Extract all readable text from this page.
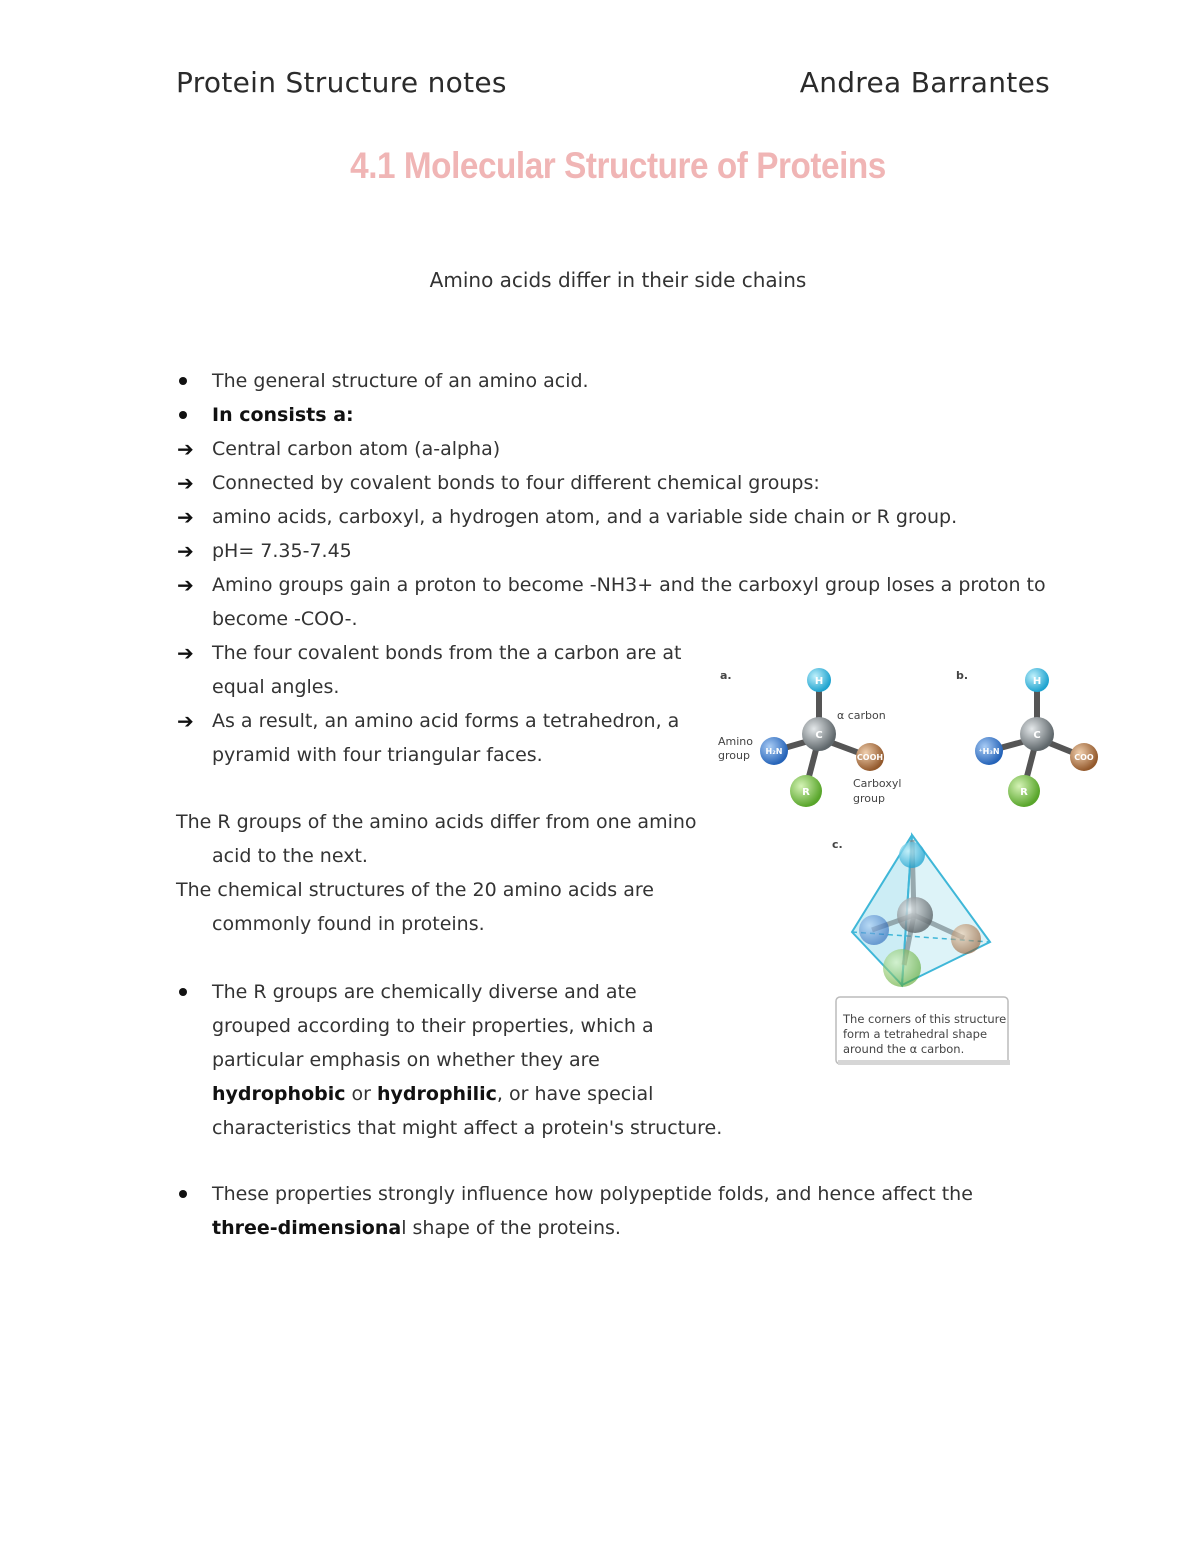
Protein Structure notes	Andrea Barrantes
4.1 Molecular Structure of Proteins
Amino acids differ in their side chains
The general structure of an amino acid.
In consists a:
➔ Central carbon atom (a-alpha)
➔ Connected by covalent bonds to four different chemical groups:
➔ amino acids, carboxyl, a hydrogen atom, and a variable side chain or R group.
➔ pH= 7.35-7.45
➔ Amino groups gain a proton to become -NH3+ and the carboxyl group loses a proton to
become -COO-.
➔ The four covalent bonds from the a carbon are at
equal angles.
➔ As a result, an amino acid forms a tetrahedron, a
pyramid with four triangular faces.
The R groups of the amino acids differ from one amino
acid to the next.
The chemical structures of the 20 amino acids are
commonly found in proteins.
The R groups are chemically diverse and ate
grouped according to their properties, which a
particular emphasis on whether they are
hydrophobic or hydrophilic, or have special
characteristics that might affect a protein's structure.
These properties strongly influence how polypeptide folds, and hence affect the
three-dimensional shape of the proteins.
a.	H
C
H₂N
COOH
R
α carbon
Amino
group
Carboxyl
group
b.	H
C
⁺H₃N
COO
R
c.
The corners of this structure
form a tetrahedral shape
around the α carbon.
